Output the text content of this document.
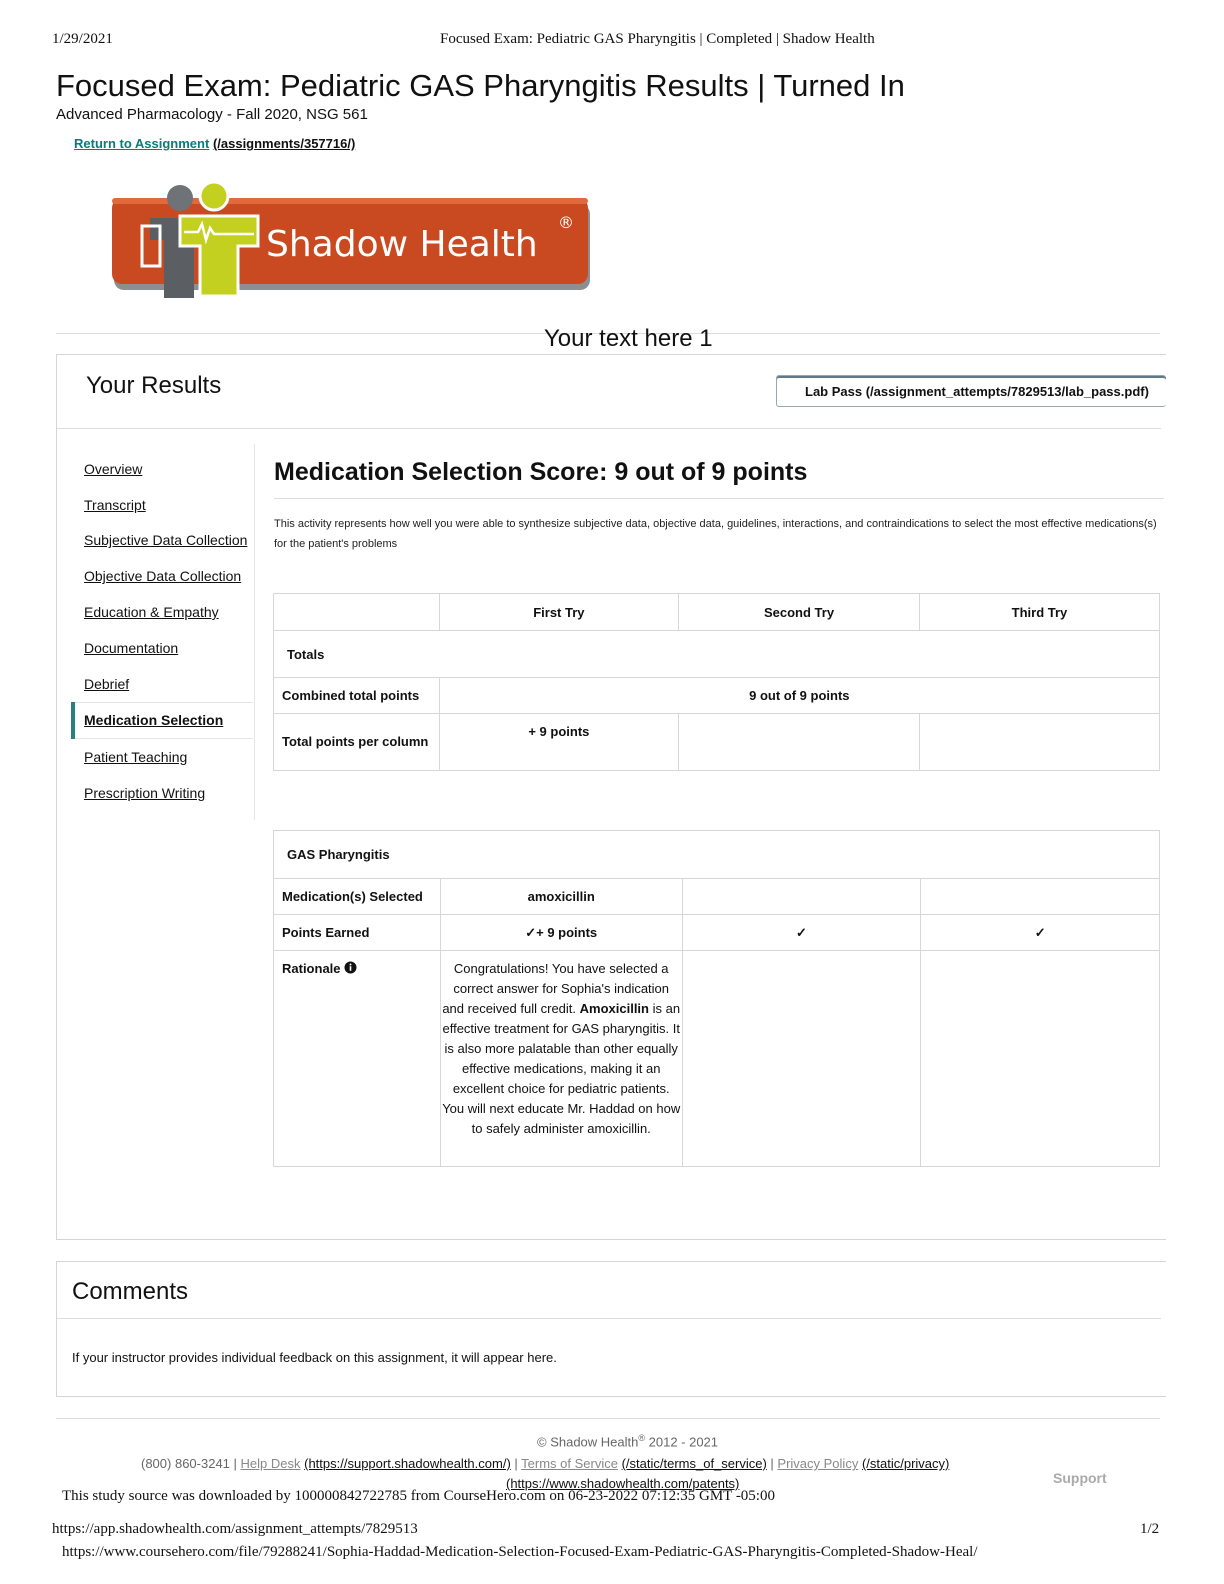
1/29/2021	Focused Exam: Pediatric GAS Pharyngitis | Completed | Shadow Health
Focused Exam: Pediatric GAS Pharyngitis Results | Turned In
Advanced Pharmacology - Fall 2020, NSG 561
Return to Assignment (/assignments/357716/)
Shadow Health
®
Your text here 1
Your Results	Lab Pass (/assignment_attempts/7829513/lab_pass.pdf)
Overview
Transcript
Subjective Data Collection
Objective Data Collection
Education & Empathy
Documentation
Debrief
Medication Selection
Patient Teaching
Prescription Writing
Medication Selection Score: 9 out of 9 points
This activity represents how well you were able to synthesize subjective data, objective data, guidelines, interactions, and contraindications to select the most effective medications(s) for the patient's problems
	First Try	Second Try	Third Try
Totals			
Combined total points	9 out of 9 points		
Total points per column	+ 9 points		
GAS Pharyngitis			
Medication(s) Selected	amoxicillin		
Points Earned	✓+ 9 points	✓	✓
Rationale	Congratulations! You have selected a correct answer for Sophia's indication and received full credit. Amoxicillin is an effective treatment for GAS pharyngitis. It is also more palatable than other equally effective medications, making it an excellent choice for pediatric patients. You will next educate Mr. Haddad on how to safely administer amoxicillin.		
Comments
If your instructor provides individual feedback on this assignment, it will appear here.
© Shadow Health® 2012 - 2021
(800) 860-3241 | Help Desk (https://support.shadowhealth.com/) | Terms of Service (/static/terms_of_service) | Privacy Policy (/static/privacy)
(https://www.shadowhealth.com/patents)	Support
This study source was downloaded by 100000842722785 from CourseHero.com on 06-23-2022 07:12:35 GMT -05:00
https://app.shadowhealth.com/assignment_attempts/7829513	1/2
https://www.coursehero.com/file/79288241/Sophia-Haddad-Medication-Selection-Focused-Exam-Pediatric-GAS-Pharyngitis-Completed-Shadow-Heal/
